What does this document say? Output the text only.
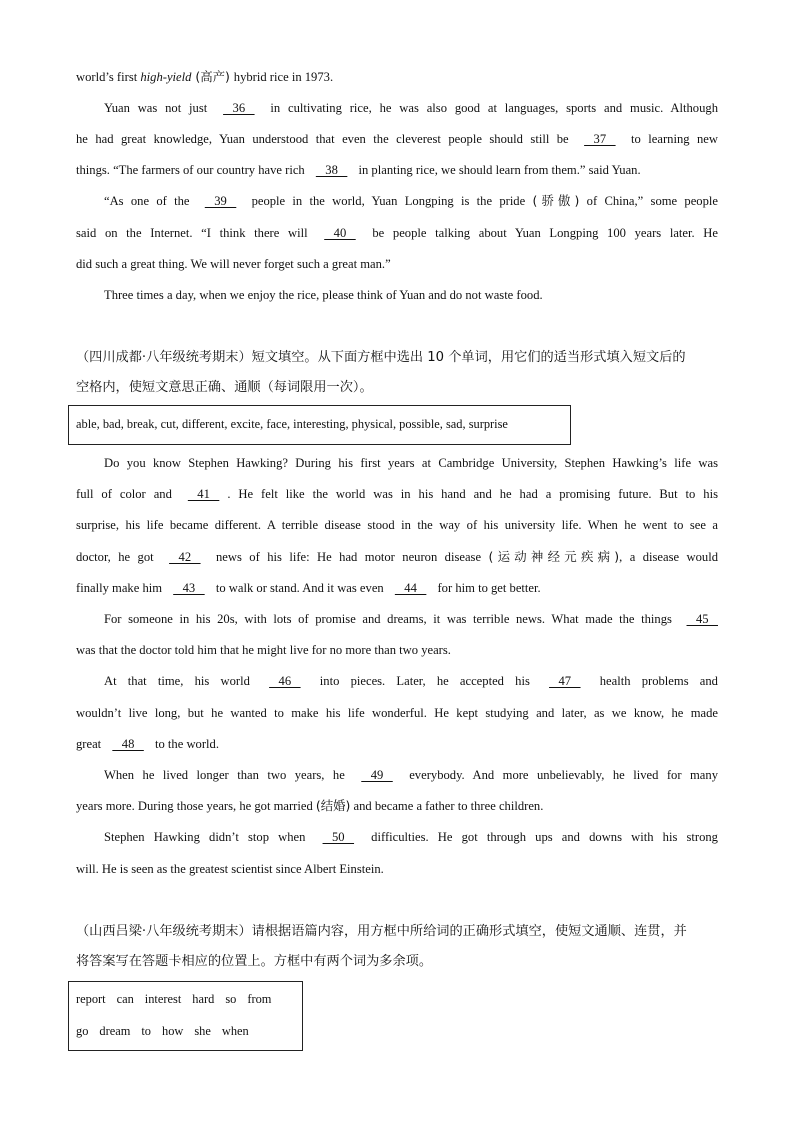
world’s first high-yield (高产) hybrid rice in 1973.
Yuan was not just    36    in cultivating rice, he was also good at languages, sports and music. Although
he had great knowledge, Yuan understood that even the cleverest people should still be    37    to learning new
things. “The farmers of our country have rich    38    in planting rice, we should learn from them.” said Yuan.
“As one of the    39    people in the world, Yuan Longping is the pride (骄傲) of China,” some people
said on the Internet. “I think there will    40    be people talking about Yuan Longping 100 years later. He
did such a great thing. We will never forget such a great man.”
Three times a day, when we enjoy the rice, please think of Yuan and do not waste food.
（四川成都·八年级统考期末）短文填空。从下面方框中选出 10 个单词，用它们的适当形式填入短文后的
空格内，使短文意思正确、通顺（每词限用一次）。
able, bad, break, cut, different, excite, face, interesting, physical, possible, sad, surprise
Do you know Stephen Hawking? During his first years at Cambridge University, Stephen Hawking’s life was
full of color and    41   . He felt like the world was in his hand and he had a promising future. But to his
surprise, his life became different. A terrible disease stood in the way of his university life. When he went to see a
doctor, he got    42    news of his life: He had motor neuron disease (运动神经元疾病), a disease would
finally make him    43    to walk or stand. And it was even    44    for him to get better.
For someone in his 20s, with lots of promise and dreams, it was terrible news. What made the things    45
was that the doctor told him that he might live for no more than two years.
At that time, his world    46    into pieces. Later, he accepted his    47    health problems and
wouldn’t live long, but he wanted to make his life wonderful. He kept studying and later, as we know, he made
great    48    to the world.
When he lived longer than two years, he    49    everybody. And more unbelievably, he lived for many
years more. During those years, he got married (结婚) and became a father to three children.
Stephen Hawking didn’t stop when    50    difficulties. He got through ups and downs with his strong
will. He is seen as the greatest scientist since Albert Einstein.
（山西吕梁·八年级统考期末）请根据语篇内容，用方框中所给词的正确形式填空，使短文通顺、连贯，并
将答案写在答题卡相应的位置上。方框中有两个词为多余项。
report can interest hard so from
go dream to how she when
